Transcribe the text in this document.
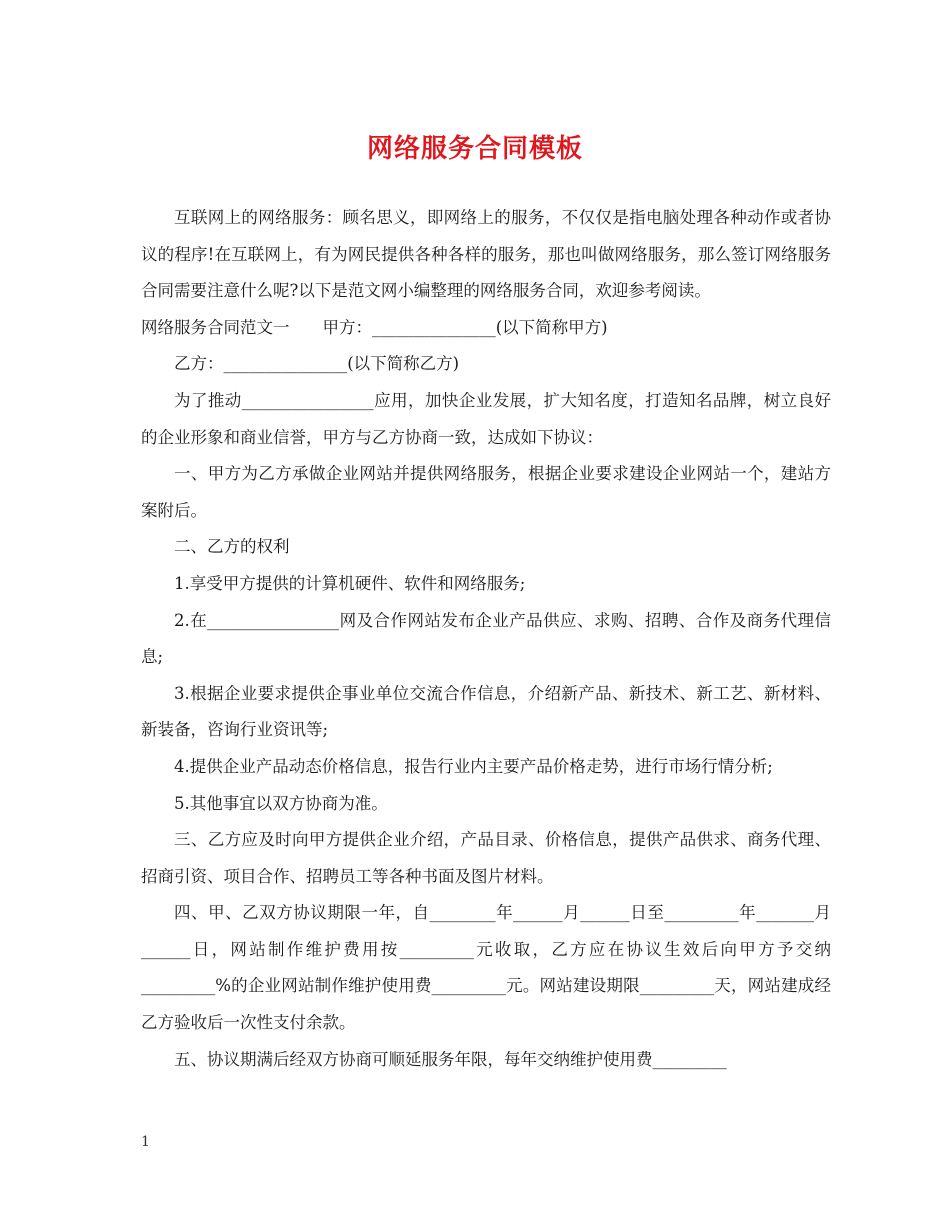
网络服务合同模板

互联网上的网络服务：顾名思义，即网络上的服务，不仅仅是指电脑处理各种动作或者协议的程序!在互联网上，有为网民提供各种各样的服务，那也叫做网络服务，那么签订网络服务合同需要注意什么呢?以下是范文网小编整理的网络服务合同，欢迎参考阅读。

网络服务合同范文一　　甲方：_______________(以下简称甲方)

乙方：_______________(以下简称乙方)

为了推动________________应用，加快企业发展，扩大知名度，打造知名品牌，树立良好的企业形象和商业信誉，甲方与乙方协商一致，达成如下协议：

一、甲方为乙方承做企业网站并提供网络服务，根据企业要求建设企业网站一个，建站方案附后。

二、乙方的权利

1.享受甲方提供的计算机硬件、软件和网络服务;

2.在________________网及合作网站发布企业产品供应、求购、招聘、合作及商务代理信息;

3.根据企业要求提供企事业单位交流合作信息，介绍新产品、新技术、新工艺、新材料、新装备，咨询行业资讯等;

4.提供企业产品动态价格信息，报告行业内主要产品价格走势，进行市场行情分析;

5.其他事宜以双方协商为准。

三、乙方应及时向甲方提供企业介绍，产品目录、价格信息，提供产品供求、商务代理、招商引资、项目合作、招聘员工等各种书面及图片材料。

四、甲、乙双方协议期限一年，自________年______月______日至_________年_______月______日，网站制作维护费用按_________元收取，乙方应在协议生效后向甲方予交纳_________%的企业网站制作维护使用费_________元。网站建设期限_________天，网站建成经乙方验收后一次性支付余款。

五、协议期满后经双方协商可顺延服务年限，每年交纳维护使用费_________

1
